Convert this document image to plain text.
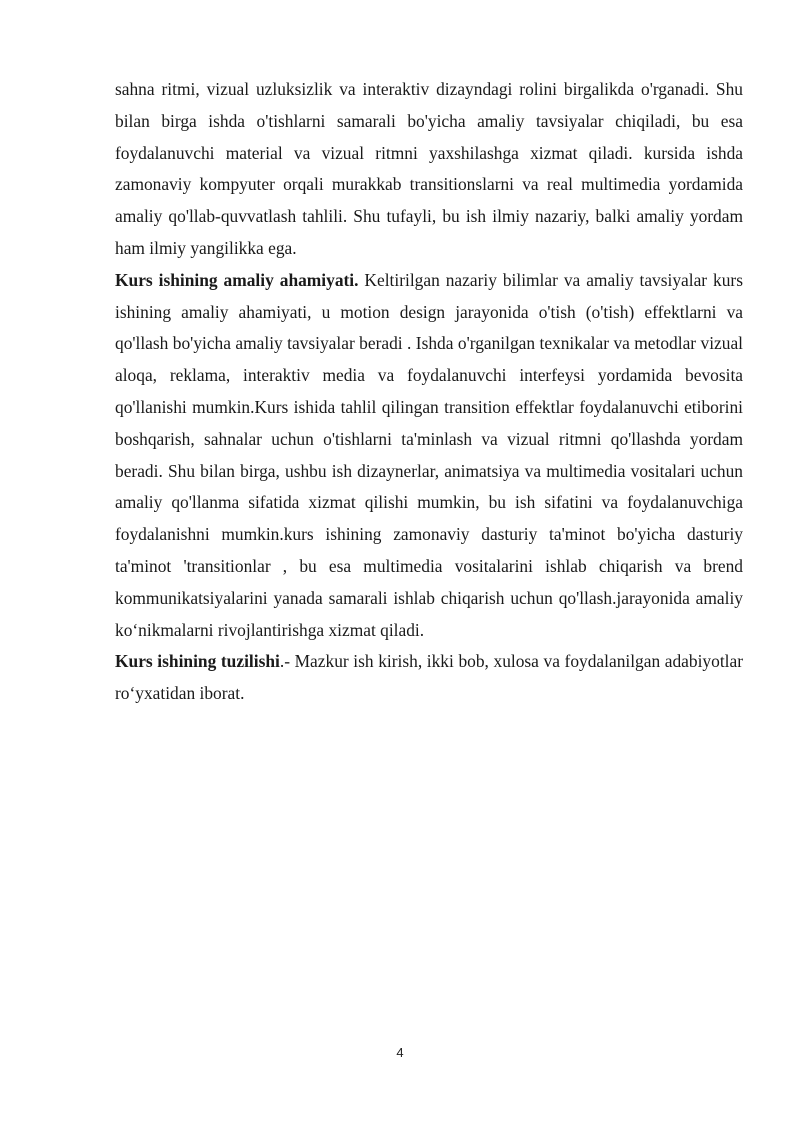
sahna ritmi, vizual uzluksizlik va interaktiv dizayndagi rolini birgalikda o'rganadi. Shu bilan birga ishda o'tishlarni samarali bo'yicha amaliy tavsiyalar chiqiladi, bu esa foydalanuvchi material va vizual ritmni yaxshilashga xizmat qiladi. kursida ishda zamonaviy kompyuter orqali murakkab transitionslarni va real multimedia yordamida amaliy qo'llab-quvvatlash tahlili. Shu tufayli, bu ish ilmiy nazariy, balki amaliy yordam ham ilmiy yangilikka ega.

Kurs ishining amaliy ahamiyati. Keltirilgan nazariy bilimlar va amaliy tavsiyalar kurs ishining amaliy ahamiyati, u motion design jarayonida o'tish (o'tish) effektlarni va qo'llash bo'yicha amaliy tavsiyalar beradi . Ishda o'rganilgan texnikalar va metodlar vizual aloqa, reklama, interaktiv media va foydalanuvchi interfeysi yordamida bevosita qo'llanishi mumkin.Kurs ishida tahlil qilingan transition effektlar foydalanuvchi etiborini boshqarish, sahnalar uchun o'tishlarni ta'minlash va vizual ritmni qo'llashda yordam beradi. Shu bilan birga, ushbu ish dizaynerlar, animatsiya va multimedia vositalari uchun amaliy qo'llanma sifatida xizmat qilishi mumkin, bu ish sifatini va foydalanuvchiga foydalanishni mumkin.kurs ishining zamonaviy dasturiy ta'minot bo'yicha dasturiy ta'minot 'transitionlar , bu esa multimedia vositalarini ishlab chiqarish va brend kommunikatsiyalarini yanada samarali ishlab chiqarish uchun qo'llash.jarayonida amaliy ko‘nikmalarni rivojlantirishga xizmat qiladi.

Kurs ishining tuzilishi.- Mazkur ish kirish, ikki bob, xulosa va foydalanilgan adabiyotlar ro‘yxatidan iborat.

4
